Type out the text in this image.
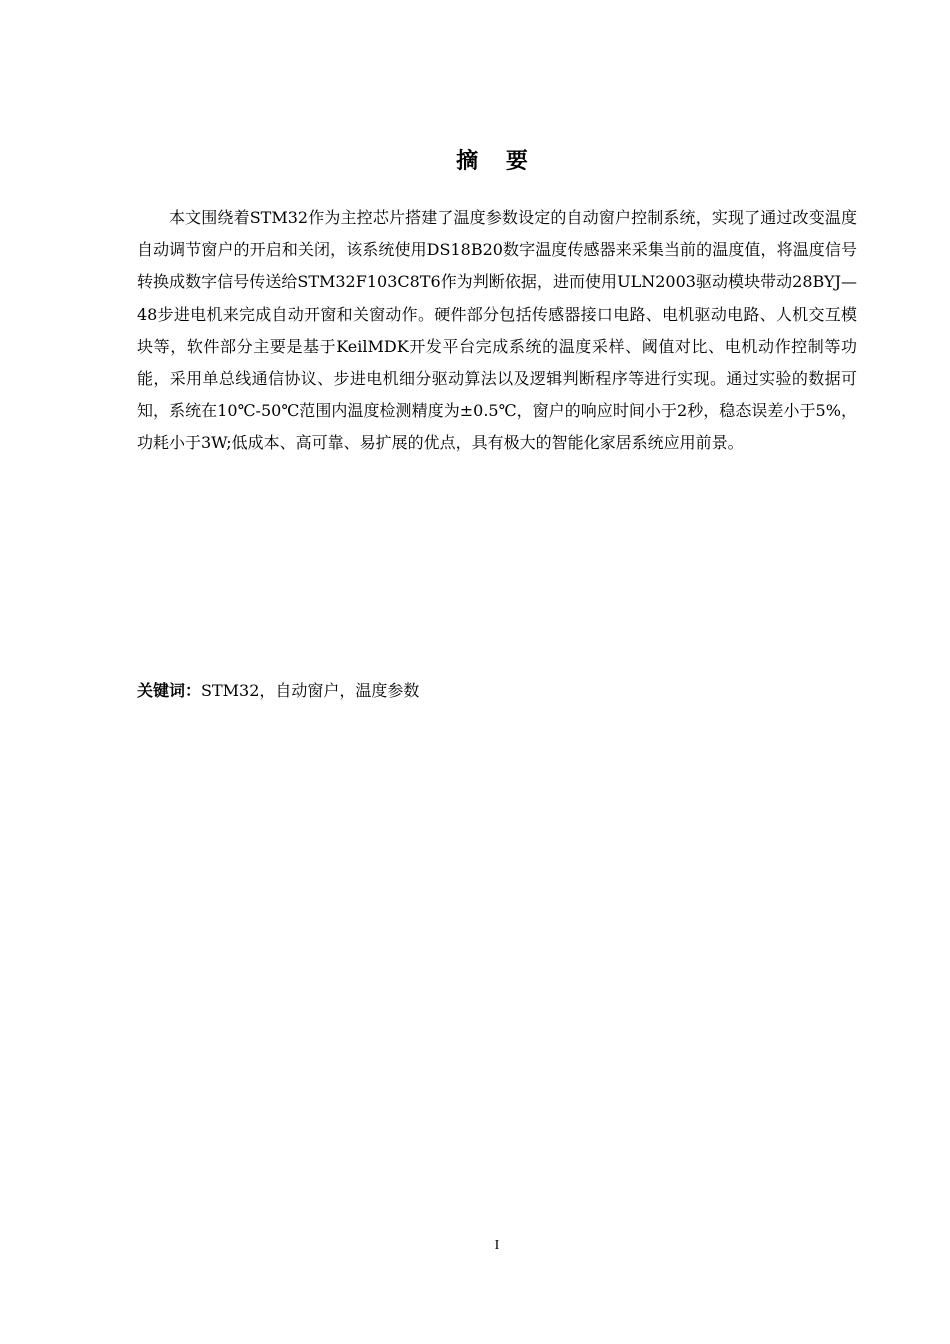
摘 要

本文围绕着STM32作为主控芯片搭建了温度参数设定的自动窗户控制系统，实现了通过改变温度自动调节窗户的开启和关闭，该系统使用DS18B20数字温度传感器来采集当前的温度值，将温度信号转换成数字信号传送给STM32F103C8T6作为判断依据，进而使用ULN2003驱动模块带动28BYJ—48步进电机来完成自动开窗和关窗动作。硬件部分包括传感器接口电路、电机驱动电路、人机交互模块等，软件部分主要是基于KeilMDK开发平台完成系统的温度采样、阈值对比、电机动作控制等功能，采用单总线通信协议、步进电机细分驱动算法以及逻辑判断程序等进行实现。通过实验的数据可知，系统在10℃-50℃范围内温度检测精度为±0.5℃，窗户的响应时间小于2秒，稳态误差小于5%，功耗小于3W;低成本、高可靠、易扩展的优点，具有极大的智能化家居系统应用前景。

关键词：STM32，自动窗户，温度参数
I
